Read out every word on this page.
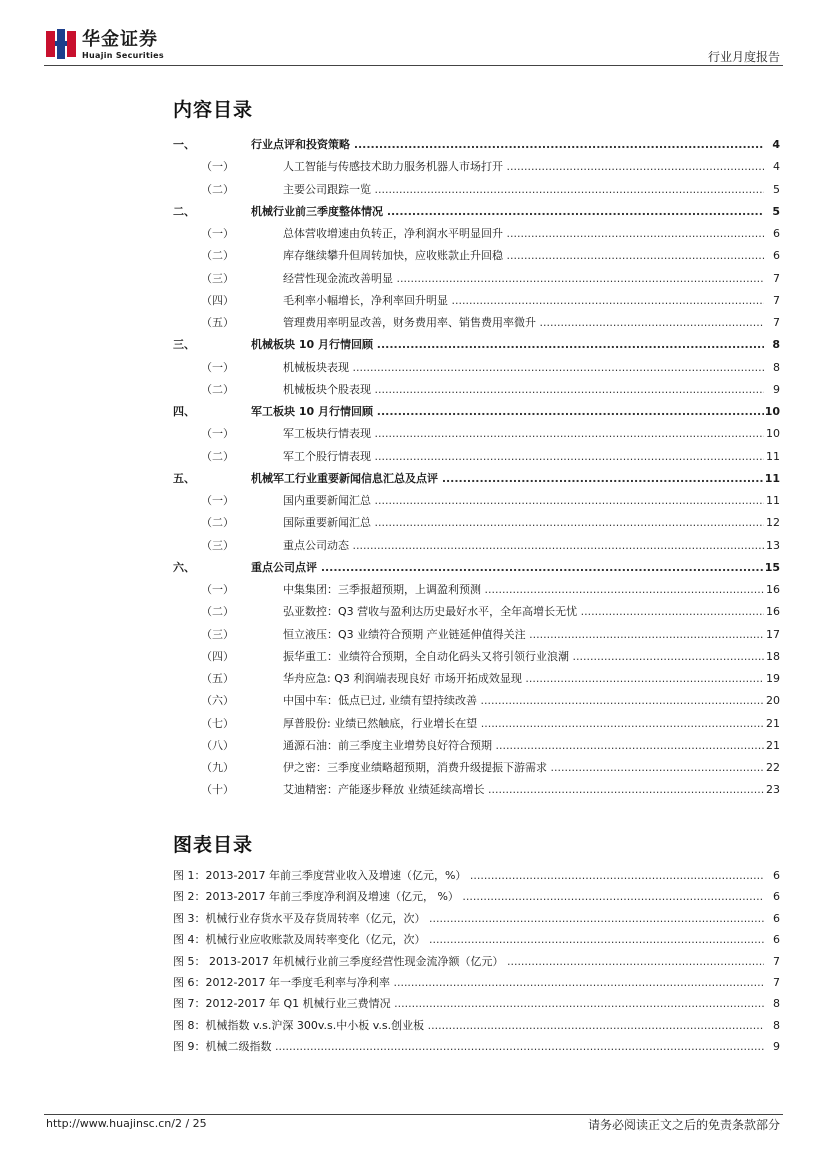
华金证券
Huajin Securities	行业月度报告
内容目录
一、	行业点评和投资策略 .....	4
（一）	人工智能与传感技术助力服务机器人市场打开 .....	4
（二）	主要公司跟踪一览 .....	5
二、	机械行业前三季度整体情况 .....	5
（一）	总体营收增速由负转正，净利润水平明显回升 .....	6
（二）	库存继续攀升但周转加快，应收账款止升回稳 .....	6
（三）	经营性现金流改善明显 .....	7
（四）	毛利率小幅增长，净利率回升明显 .....	7
（五）	管理费用率明显改善，财务费用率、销售费用率微升 .....	7
三、	机械板块 10 月行情回顾 .....	8
（一）	机械板块表现 .....	8
（二）	机械板块个股表现 .....	9
四、	军工板块 10 月行情回顾 .....	10
（一）	军工板块行情表现 .....	10
（二）	军工个股行情表现 .....	11
五、	机械军工行业重要新闻信息汇总及点评 .....	11
（一）	国内重要新闻汇总 .....	11
（二）	国际重要新闻汇总 .....	12
（三）	重点公司动态 .....	13
六、	重点公司点评 .....	15
（一）	中集集团：三季报超预期，上调盈利预测 .....	16
（二）	弘亚数控：Q3 营收与盈利达历史最好水平，全年高增长无忧 .....	16
（三）	恒立液压：Q3 业绩符合预期 产业链延伸值得关注 .....	17
（四）	振华重工：业绩符合预期，全自动化码头又将引领行业浪潮 .....	18
（五）	华舟应急: Q3 利润端表现良好 市场开拓成效显现 .....	19
（六）	中国中车：低点已过, 业绩有望持续改善 .....	20
（七）	厚普股份: 业绩已然触底，行业增长在望 .....	21
（八）	通源石油：前三季度主业增势良好符合预期 .....	21
（九）	伊之密：三季度业绩略超预期，消费升级提振下游需求 .....	22
（十）	艾迪精密：产能逐步释放 业绩延续高增长 .....	23
图表目录
图 1：2013-2017 年前三季度营业收入及增速（亿元，%） .....	6
图 2：2013-2017 年前三季度净利润及增速（亿元， %） .....	6
图 3：机械行业存货水平及存货周转率（亿元，次） .....	6
图 4：机械行业应收账款及周转率变化（亿元，次） .....	6
图 5： 2013-2017 年机械行业前三季度经营性现金流净额（亿元） .....	7
图 6：2012-2017 年一季度毛利率与净利率 .....	7
图 7：2012-2017 年 Q1 机械行业三费情况 .....	8
图 8：机械指数 v.s.沪深 300v.s.中小板 v.s.创业板 .....	8
图 9：机械二级指数 .....	9
http://www.huajinsc.cn/2 / 25	请务必阅读正文之后的免责条款部分
